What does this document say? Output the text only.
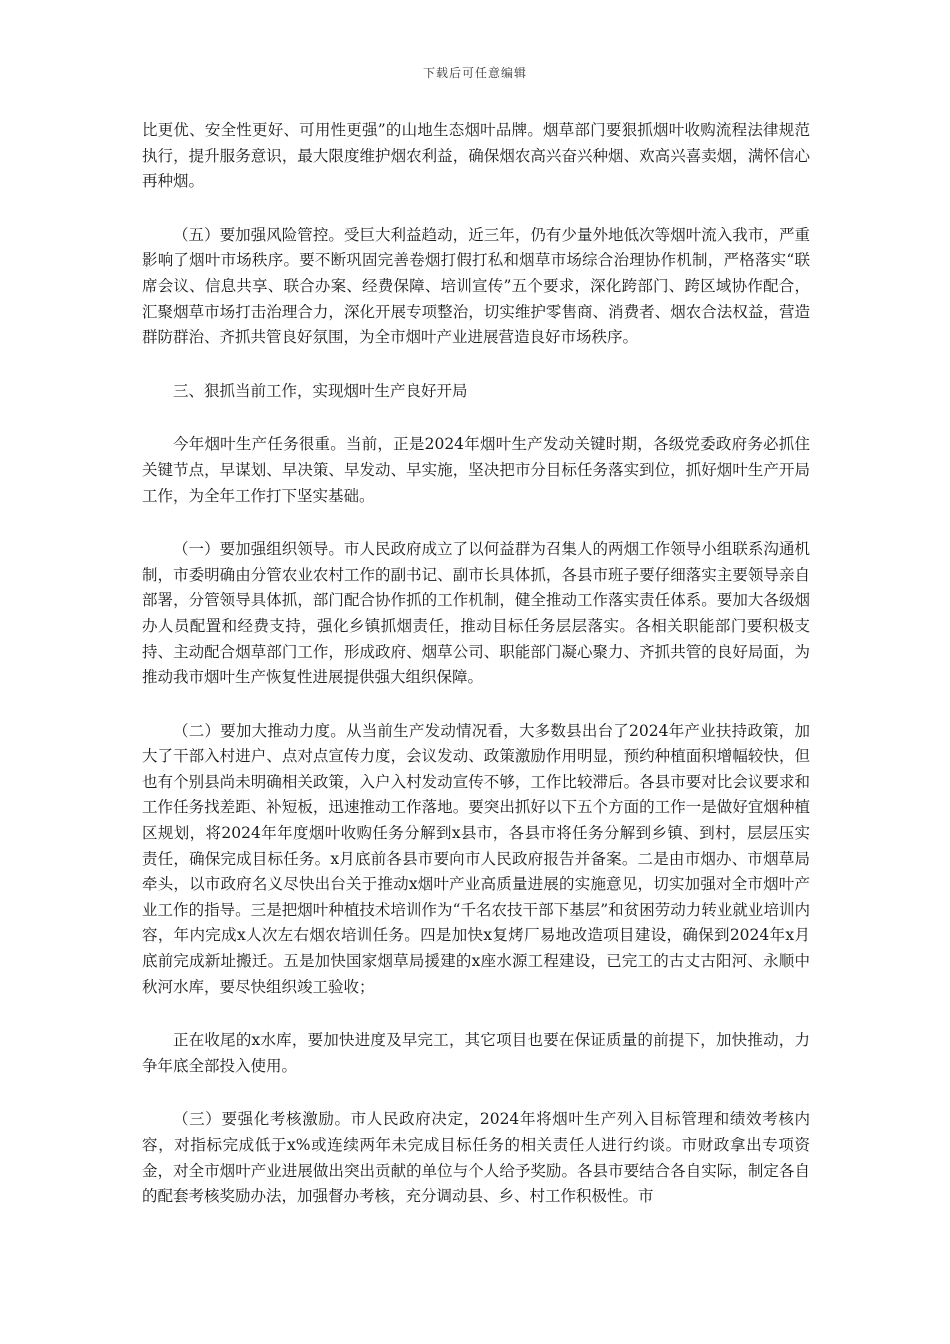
下载后可任意编辑

比更优、安全性更好、可用性更强”的山地生态烟叶品牌。烟草部门要狠抓烟叶收购流程法律规范执行，提升服务意识，最大限度维护烟农利益，确保烟农高兴奋兴种烟、欢高兴喜卖烟，满怀信心再种烟。

（五）要加强风险管控。受巨大利益趋动，近三年，仍有少量外地低次等烟叶流入我市，严重影响了烟叶市场秩序。要不断巩固完善卷烟打假打私和烟草市场综合治理协作机制，严格落实“联席会议、信息共享、联合办案、经费保障、培训宣传”五个要求，深化跨部门、跨区域协作配合，汇聚烟草市场打击治理合力，深化开展专项整治，切实维护零售商、消费者、烟农合法权益，营造群防群治、齐抓共管良好氛围，为全市烟叶产业进展营造良好市场秩序。

三、狠抓当前工作，实现烟叶生产良好开局

今年烟叶生产任务很重。当前，正是2024年烟叶生产发动关键时期，各级党委政府务必抓住关键节点，早谋划、早决策、早发动、早实施，坚决把市分目标任务落实到位，抓好烟叶生产开局工作，为全年工作打下坚实基础。

（一）要加强组织领导。市人民政府成立了以何益群为召集人的两烟工作领导小组联系沟通机制，市委明确由分管农业农村工作的副书记、副市长具体抓，各县市班子要仔细落实主要领导亲自部署，分管领导具体抓，部门配合协作抓的工作机制，健全推动工作落实责任体系。要加大各级烟办人员配置和经费支持，强化乡镇抓烟责任，推动目标任务层层落实。各相关职能部门要积极支持、主动配合烟草部门工作，形成政府、烟草公司、职能部门凝心聚力、齐抓共管的良好局面，为推动我市烟叶生产恢复性进展提供强大组织保障。

（二）要加大推动力度。从当前生产发动情况看，大多数县出台了2024年产业扶持政策，加大了干部入村进户、点对点宣传力度，会议发动、政策激励作用明显，预约种植面积增幅较快，但也有个别县尚未明确相关政策，入户入村发动宣传不够，工作比较滞后。各县市要对比会议要求和工作任务找差距、补短板，迅速推动工作落地。要突出抓好以下五个方面的工作一是做好宜烟种植区规划，将2024年年度烟叶收购任务分解到x县市，各县市将任务分解到乡镇、到村，层层压实责任，确保完成目标任务。x月底前各县市要向市人民政府报告并备案。二是由市烟办、市烟草局牵头，以市政府名义尽快出台关于推动x烟叶产业高质量进展的实施意见，切实加强对全市烟叶产业工作的指导。三是把烟叶种植技术培训作为“千名农技干部下基层”和贫困劳动力转业就业培训内容，年内完成x人次左右烟农培训任务。四是加快x复烤厂易地改造项目建设，确保到2024年x月底前完成新址搬迁。五是加快国家烟草局援建的x座水源工程建设，已完工的古丈古阳河、永顺中秋河水库，要尽快组织竣工验收；

正在收尾的x水库，要加快进度及早完工，其它项目也要在保证质量的前提下，加快推动，力争年底全部投入使用。

（三）要强化考核激励。市人民政府决定，2024年将烟叶生产列入目标管理和绩效考核内容，对指标完成低于x%或连续两年未完成目标任务的相关责任人进行约谈。市财政拿出专项资金，对全市烟叶产业进展做出突出贡献的单位与个人给予奖励。各县市要结合各自实际，制定各自的配套考核奖励办法，加强督办考核，充分调动县、乡、村工作积极性。市
